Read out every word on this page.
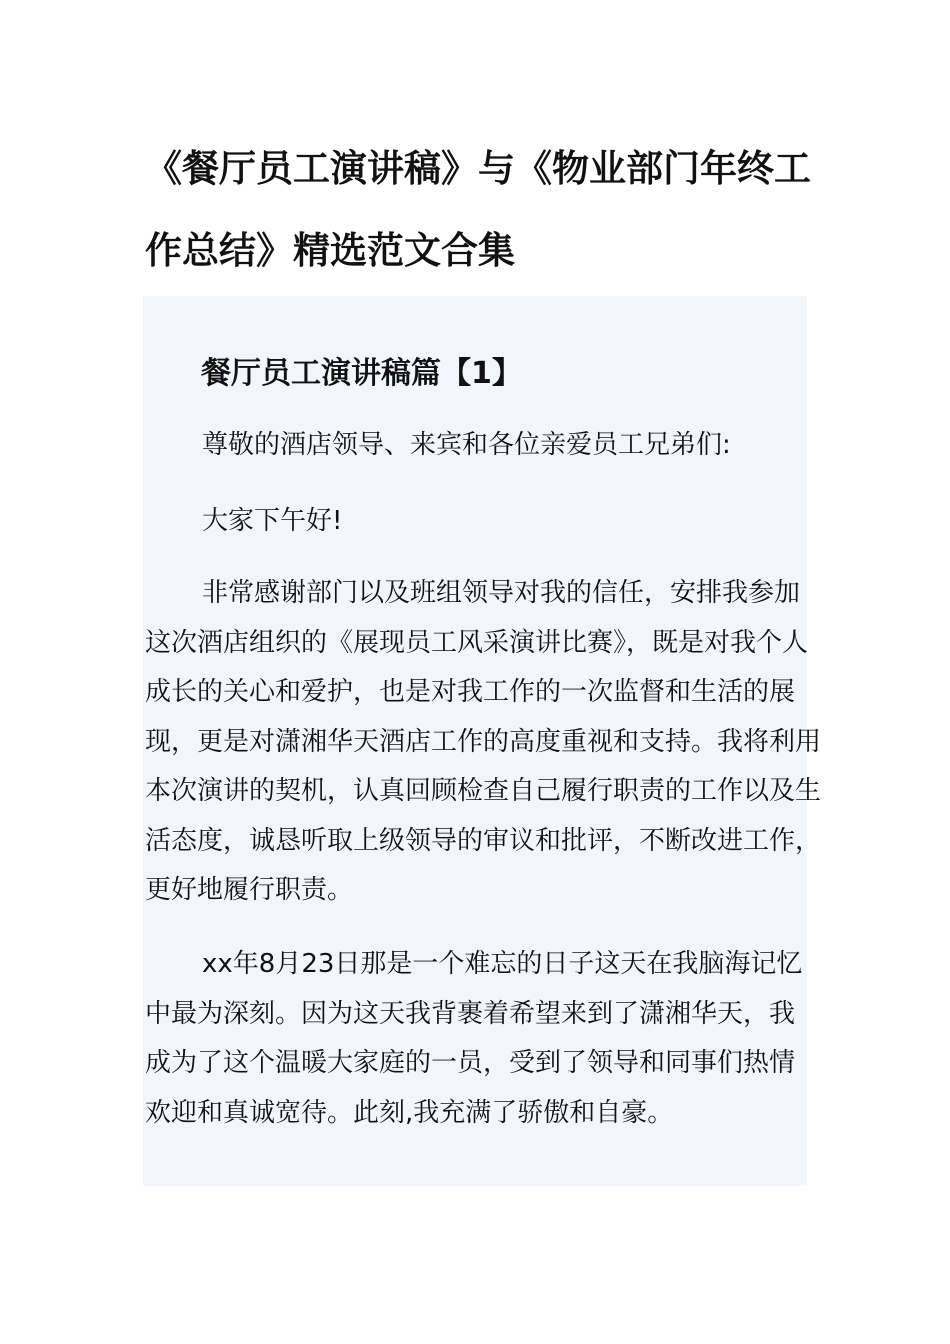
《餐厅员工演讲稿》与《物业部门年终工作总结》精选范文合集
餐厅员工演讲稿篇【1】

尊敬的酒店领导、来宾和各位亲爱员工兄弟们:

大家下午好!

非常感谢部门以及班组领导对我的信任，安排我参加这次酒店组织的《展现员工风采演讲比赛》，既是对我个人成长的关心和爱护，也是对我工作的一次监督和生活的展现，更是对潇湘华天酒店工作的高度重视和支持。我将利用本次演讲的契机，认真回顾检查自己履行职责的工作以及生活态度，诚恳听取上级领导的审议和批评，不断改进工作，更好地履行职责。

xx年8月23日那是一个难忘的日子这天在我脑海记忆中最为深刻。因为这天我背裹着希望来到了潇湘华天，我成为了这个温暖大家庭的一员，受到了领导和同事们热情欢迎和真诚宽待。此刻,我充满了骄傲和自豪。
